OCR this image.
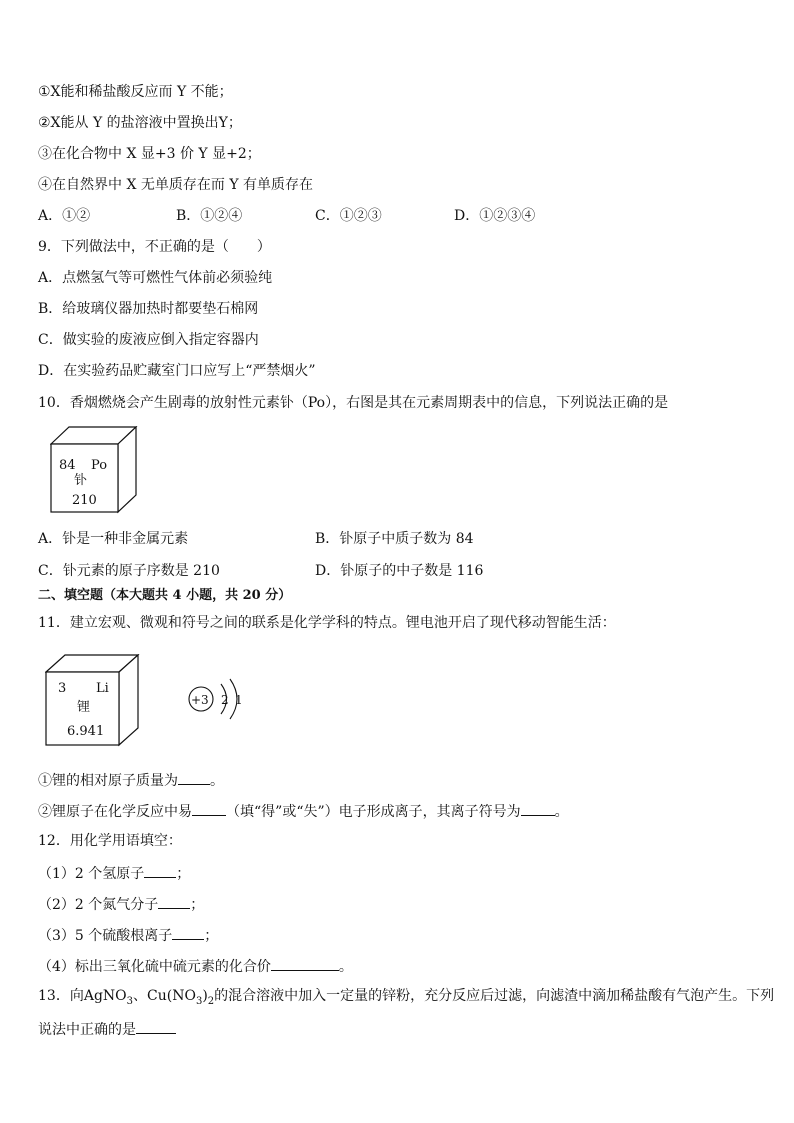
①X能和稀盐酸反应而 Y 不能；
②X能从 Y 的盐溶液中置换出Y；
③在化合物中 X 显+3 价 Y 显+2；
④在自然界中 X 无单质存在而 Y 有单质存在
A．①②	B．①②④	C．①②③	D．①②③④
9．下列做法中，不正确的是（　　）
A．点燃氢气等可燃性气体前必须验纯
B．给玻璃仪器加热时都要垫石棉网
C．做实验的废液应倒入指定容器内
D．在实验药品贮藏室门口应写上“严禁烟火”
10．香烟燃烧会产生剧毒的放射性元素钋（Po），右图是其在元素周期表中的信息，下列说法正确的是
84 Po
钋
210
A．钋是一种非金属元素	B．钋原子中质子数为 84
C．钋元素的原子序数是 210	D．钋原子的中子数是 116
二、填空题（本大题共 4 小题，共 20 分）
11．建立宏观、微观和符号之间的联系是化学学科的特点。锂电池开启了现代移动智能生活：
3 Li
锂
6.941
+3 2 1
①锂的相对原子质量为 。
②锂原子在化学反应中易 （填“得”或“失”）电子形成离子，其离子符号为 。
12．用化学用语填空：
（1）2 个氢原子 ；
（2）2 个氮气分子 ；
（3）5 个硫酸根离子 ；
（4）标出三氧化硫中硫元素的化合价	。
13．向AgNO$_3$、$Cu(NO_3)_2$的混合溶液中加入一定量的锌粉，充分反应后过滤，向滤渣中滴加稀盐酸有气泡产生。下列
说法中正确的是
